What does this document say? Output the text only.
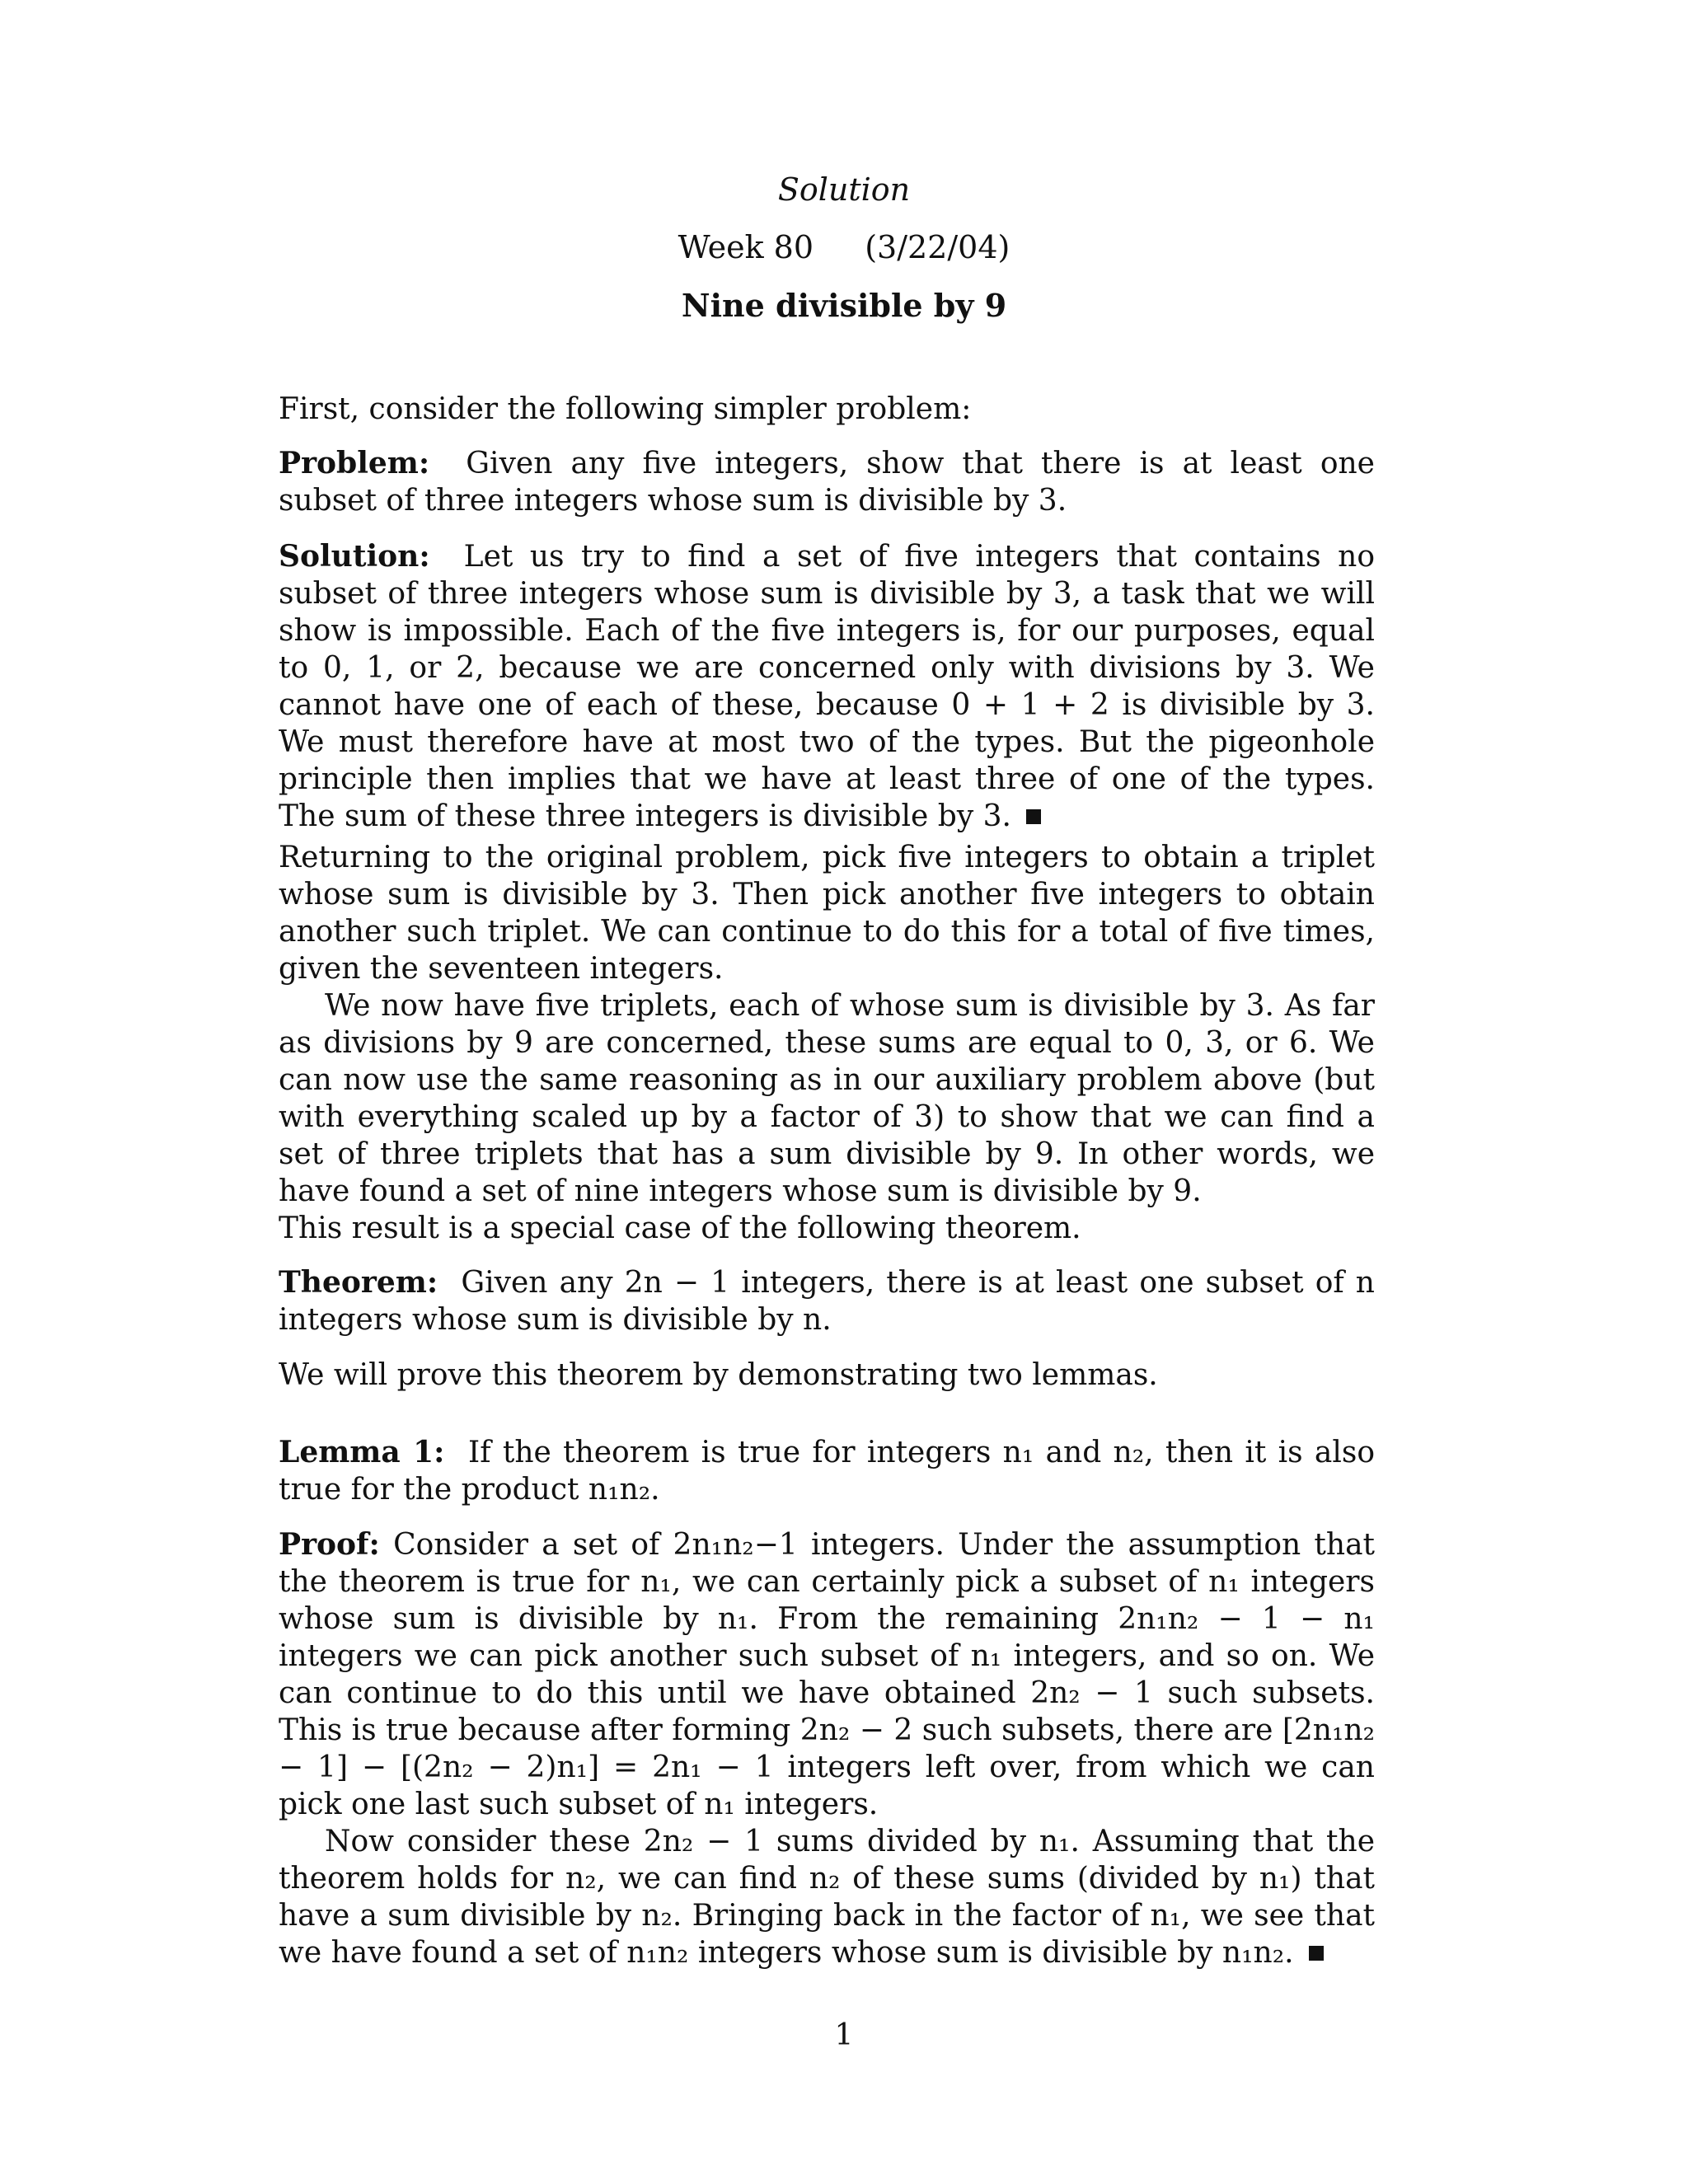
Solution
Week 80   (3/22/04)
Nine divisible by 9

First, consider the following simpler problem:

Problem: Given any five integers, show that there is at least one subset of three integers whose sum is divisible by 3.

Solution: Let us try to find a set of five integers that contains no subset of three integers whose sum is divisible by 3, a task that we will show is impossible. Each of the five integers is, for our purposes, equal to 0, 1, or 2, because we are concerned only with divisions by 3. We cannot have one of each of these, because 0 + 1 + 2 is divisible by 3. We must therefore have at most two of the types. But the pigeonhole principle then implies that we have at least three of one of the types. The sum of these three integers is divisible by 3.

Returning to the original problem, pick five integers to obtain a triplet whose sum is divisible by 3. Then pick another five integers to obtain another such triplet. We can continue to do this for a total of five times, given the seventeen integers.

We now have five triplets, each of whose sum is divisible by 3. As far as divisions by 9 are concerned, these sums are equal to 0, 3, or 6. We can now use the same reasoning as in our auxiliary problem above (but with everything scaled up by a factor of 3) to show that we can find a set of three triplets that has a sum divisible by 9. In other words, we have found a set of nine integers whose sum is divisible by 9.

This result is a special case of the following theorem.

Theorem: Given any 2n − 1 integers, there is at least one subset of n integers whose sum is divisible by n.

We will prove this theorem by demonstrating two lemmas.

Lemma 1: If the theorem is true for integers n₁ and n₂, then it is also true for the product n₁n₂.

Proof: Consider a set of 2n₁n₂−1 integers. Under the assumption that the theorem is true for n₁, we can certainly pick a subset of n₁ integers whose sum is divisible by n₁. From the remaining 2n₁n₂ − 1 − n₁ integers we can pick another such subset of n₁ integers, and so on. We can continue to do this until we have obtained 2n₂ − 1 such subsets. This is true because after forming 2n₂ − 2 such subsets, there are [2n₁n₂ − 1] − [(2n₂ − 2)n₁] = 2n₁ − 1 integers left over, from which we can pick one last such subset of n₁ integers.

Now consider these 2n₂ − 1 sums divided by n₁. Assuming that the theorem holds for n₂, we can find n₂ of these sums (divided by n₁) that have a sum divisible by n₂. Bringing back in the factor of n₁, we see that we have found a set of n₁n₂ integers whose sum is divisible by n₁n₂.

1
